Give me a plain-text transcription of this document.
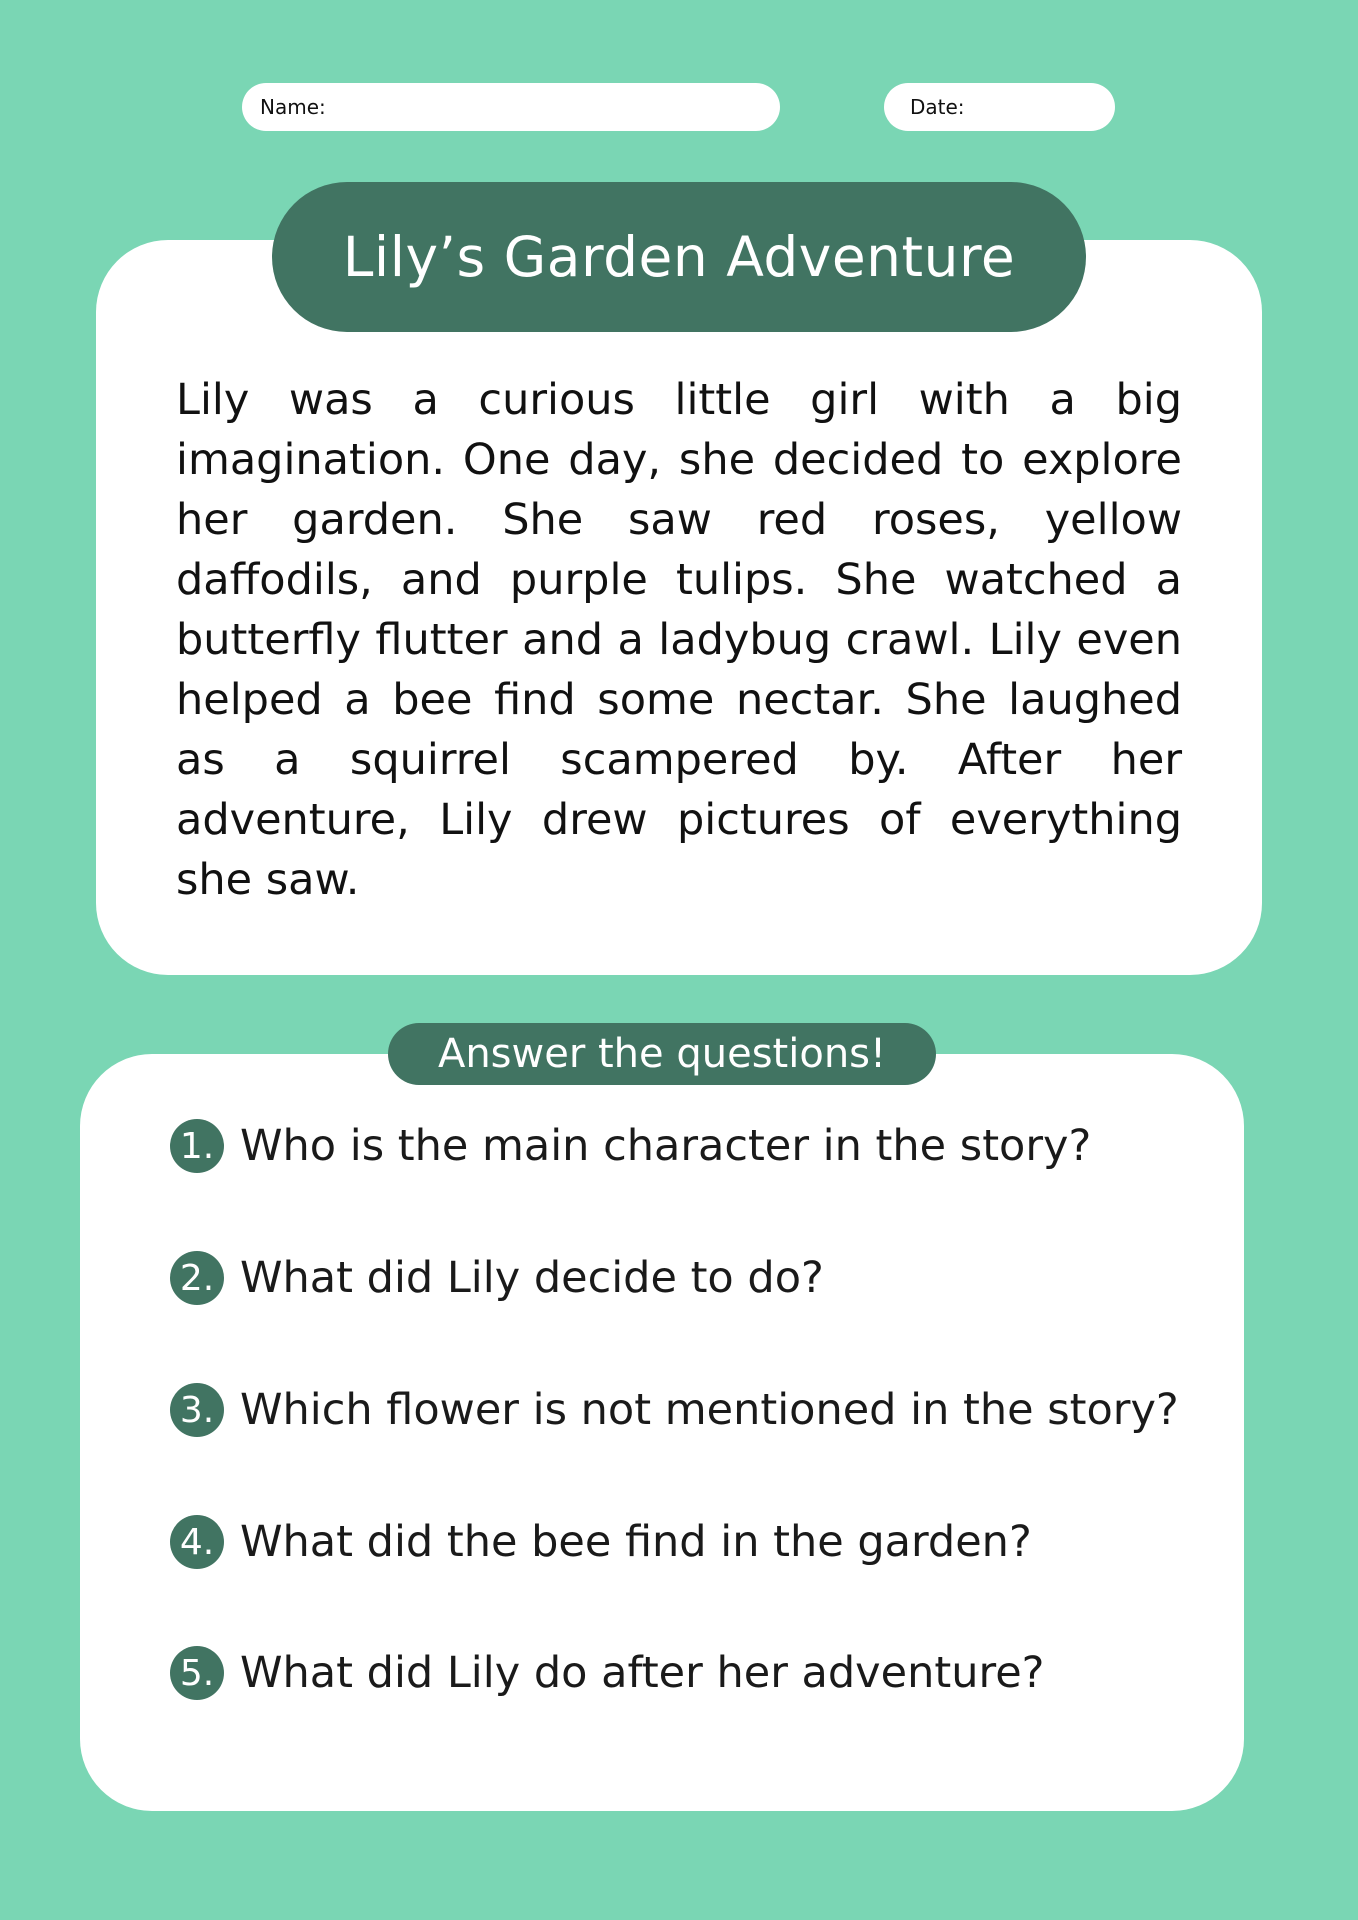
Name:	Date:
Lily’s Garden Adventure

Lily was a curious little girl with a big imagination. One day, she decided to explore her garden. She saw red roses, yellow daffodils, and purple tulips. She watched a butterfly flutter and a ladybug crawl. Lily even helped a bee find some nectar. She laughed as a squirrel scampered by. After her adventure, Lily drew pictures of everything she saw.

Answer the questions!
1. Who is the main character in the story?
2. What did Lily decide to do?
3. Which flower is not mentioned in the story?
4. What did the bee find in the garden?
5. What did Lily do after her adventure?
